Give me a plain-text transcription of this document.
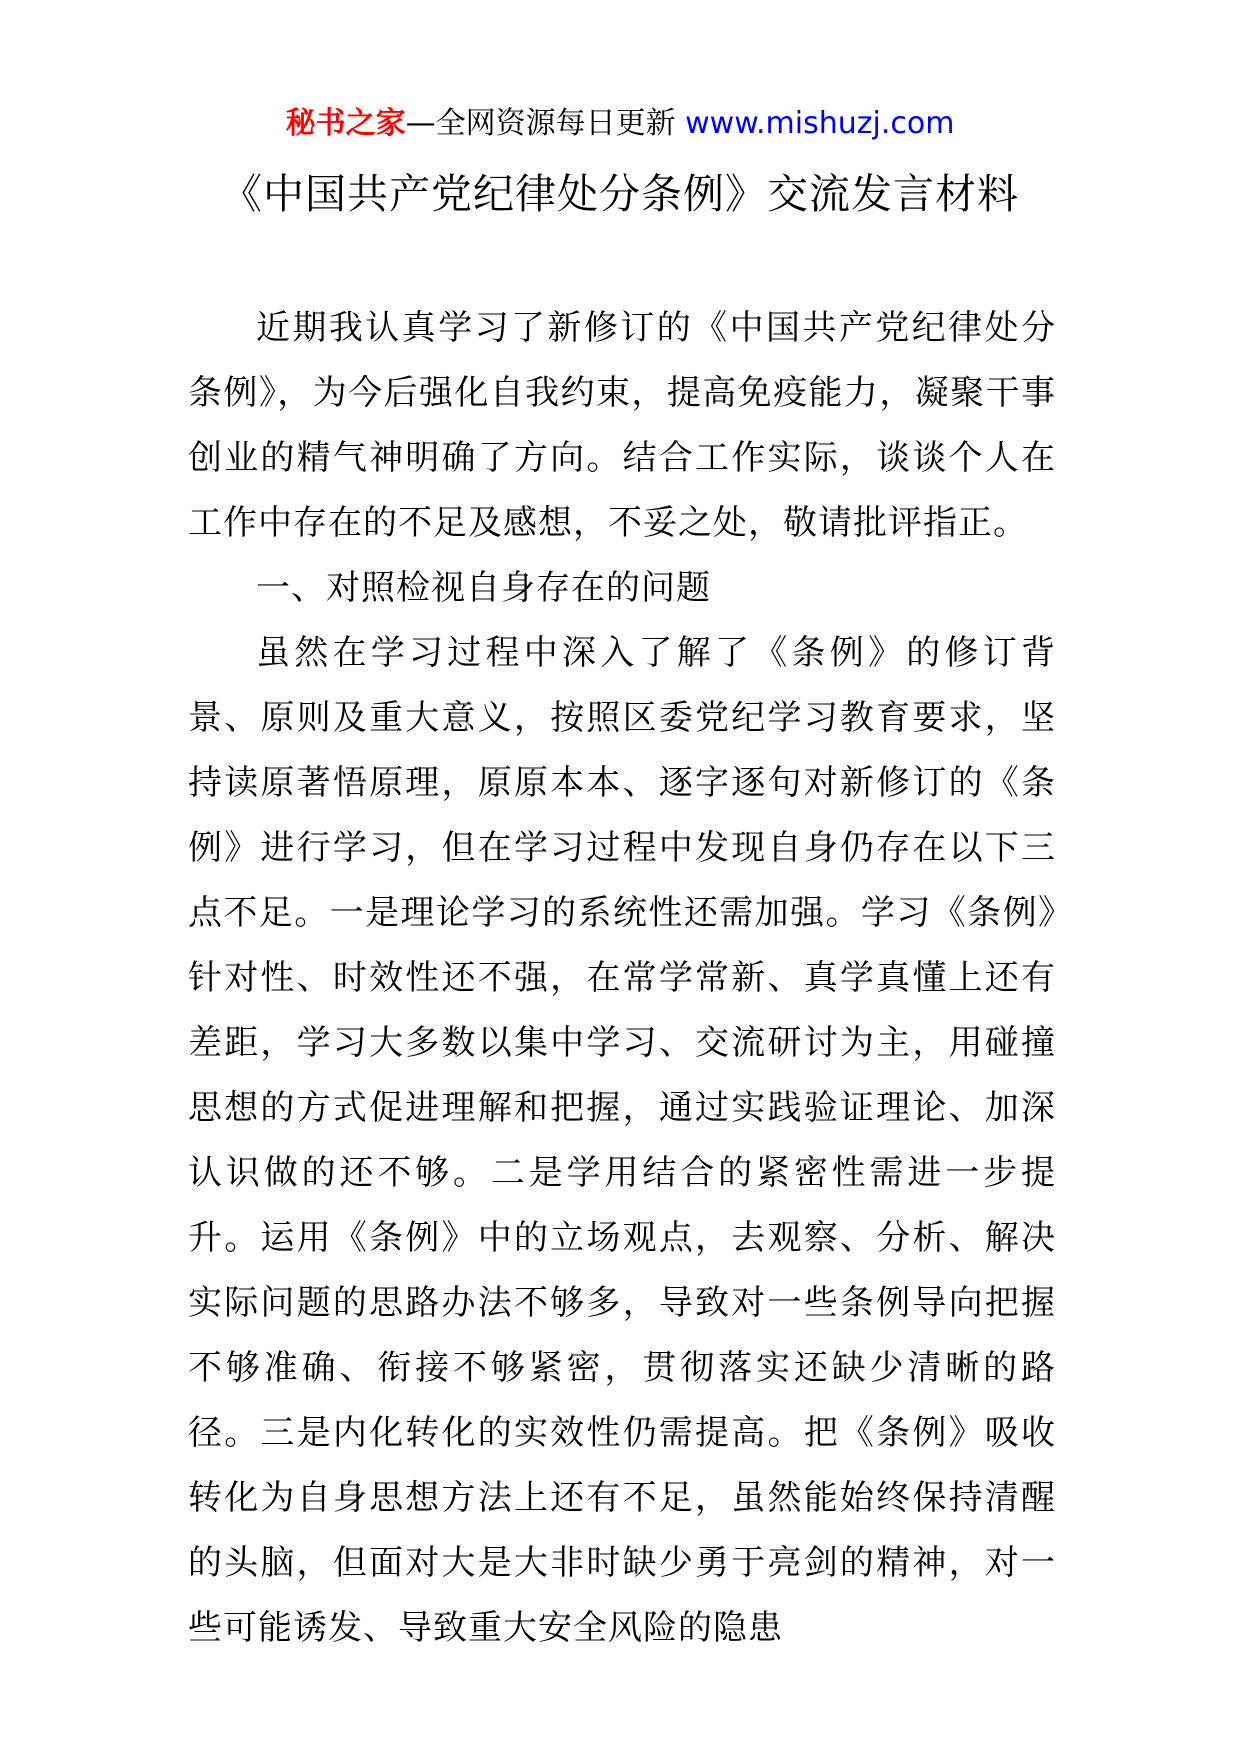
秘书之家—全网资源每日更新 www.mishuzj.com
《中国共产党纪律处分条例》交流发言材料

近期我认真学习了新修订的《中国共产党纪律处分条例》，为今后强化自我约束，提高免疫能力，凝聚干事创业的精气神明确了方向。结合工作实际，谈谈个人在工作中存在的不足及感想，不妥之处，敬请批评指正。

一、对照检视自身存在的问题

虽然在学习过程中深入了解了《条例》的修订背景、原则及重大意义，按照区委党纪学习教育要求，坚持读原著悟原理，原原本本、逐字逐句对新修订的《条例》进行学习，但在学习过程中发现自身仍存在以下三点不足。一是理论学习的系统性还需加强。学习《条例》针对性、时效性还不强，在常学常新、真学真懂上还有差距，学习大多数以集中学习、交流研讨为主，用碰撞思想的方式促进理解和把握，通过实践验证理论、加深认识做的还不够。二是学用结合的紧密性需进一步提升。运用《条例》中的立场观点，去观察、分析、解决实际问题的思路办法不够多，导致对一些条例导向把握不够准确、衔接不够紧密，贯彻落实还缺少清晰的路径。三是内化转化的实效性仍需提高。把《条例》吸收转化为自身思想方法上还有不足，虽然能始终保持清醒的头脑，但面对大是大非时缺少勇于亮剑的精神，对一些可能诱发、导致重大安全风险的隐患
